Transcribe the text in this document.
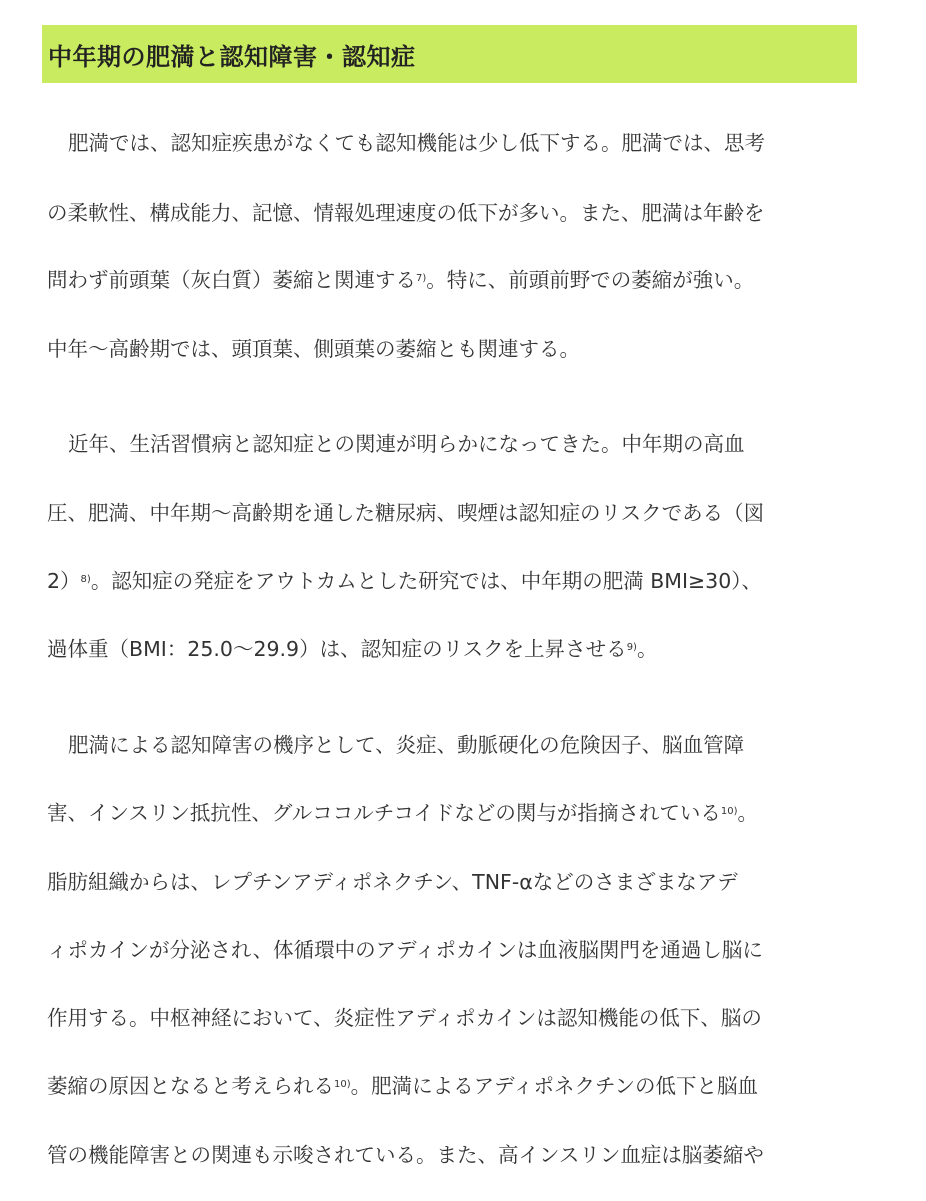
中年期の肥満と認知障害・認知症
肥満では、認知症疾患がなくても認知機能は少し低下する。肥満では、思考
の柔軟性、構成能力、記憶、情報処理速度の低下が多い。また、肥満は年齢を
問わず前頭葉（灰白質）萎縮と関連する$^{7)}$。特に、前頭前野での萎縮が強い。
中年～高齢期では、頭頂葉、側頭葉の萎縮とも関連する。
近年、生活習慣病と認知症との関連が明らかになってきた。中年期の高血
圧、肥満、中年期～高齢期を通した糖尿病、喫煙は認知症のリスクである（図
2）$^{8)}$。認知症の発症をアウトカムとした研究では、中年期の肥満 BMI≥30）、
過体重（BMI：25.0～29.9）は、認知症のリスクを上昇させる$^{9)}$。
肥満による認知障害の機序として、炎症、動脈硬化の危険因子、脳血管障
害、インスリン抵抗性、グルココルチコイドなどの関与が指摘されている$^{10)}$。
脂肪組織からは、レプチンアディポネクチン、TNF-αなどのさまざまなアデ
ィポカインが分泌され、体循環中のアディポカインは血液脳関門を通過し脳に
作用する。中枢神経において、炎症性アディポカインは認知機能の低下、脳の
萎縮の原因となると考えられる$^{10)}$。肥満によるアディポネクチンの低下と脳血
管の機能障害との関連も示唆されている。また、高インスリン血症は脳萎縮や
